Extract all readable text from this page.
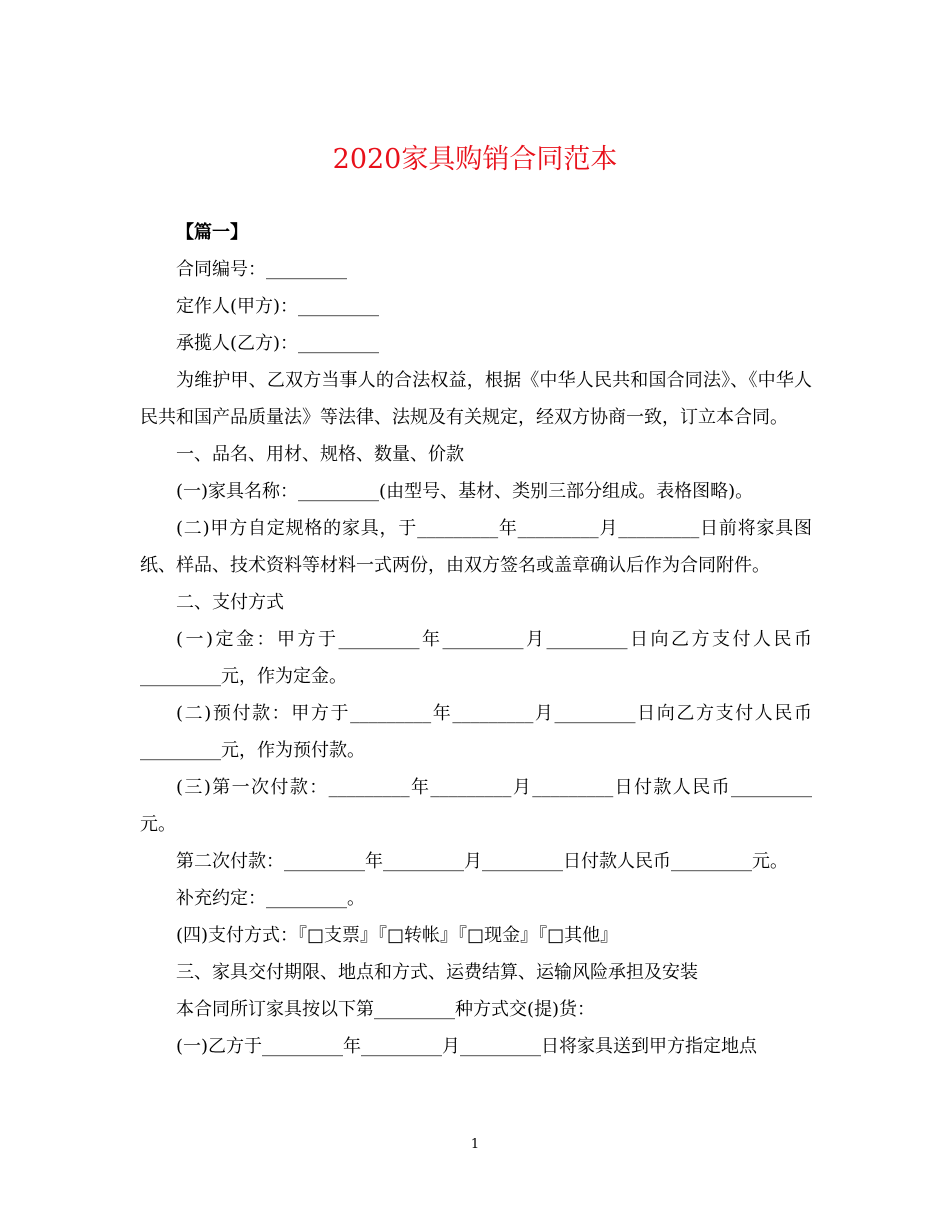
2020家具购销合同范本

【篇一】

合同编号：_________

定作人(甲方)：_________

承揽人(乙方)：_________

为维护甲、乙双方当事人的合法权益，根据《中华人民共和国合同法》、《中华人民共和国产品质量法》等法律、法规及有关规定，经双方协商一致，订立本合同。

一、品名、用材、规格、数量、价款

(一)家具名称：_________(由型号、基材、类别三部分组成。表格图略)。

(二)甲方自定规格的家具，于_________年_________月_________日前将家具图纸、样品、技术资料等材料一式两份，由双方签名或盖章确认后作为合同附件。

二、支付方式

(一)定金：甲方于_________年_________月_________日向乙方支付人民币_________元，作为定金。

(二)预付款：甲方于_________年_________月_________日向乙方支付人民币_________元，作为预付款。

(三)第一次付款：_________年_________月_________日付款人民币_________元。

第二次付款：_________年_________月_________日付款人民币_________元。

补充约定：_________。

(四)支付方式：『□支票』『□转帐』『□现金』『□其他』

三、家具交付期限、地点和方式、运费结算、运输风险承担及安装

本合同所订家具按以下第_________种方式交(提)货：

(一)乙方于_________年_________月_________日将家具送到甲方指定地点

1
